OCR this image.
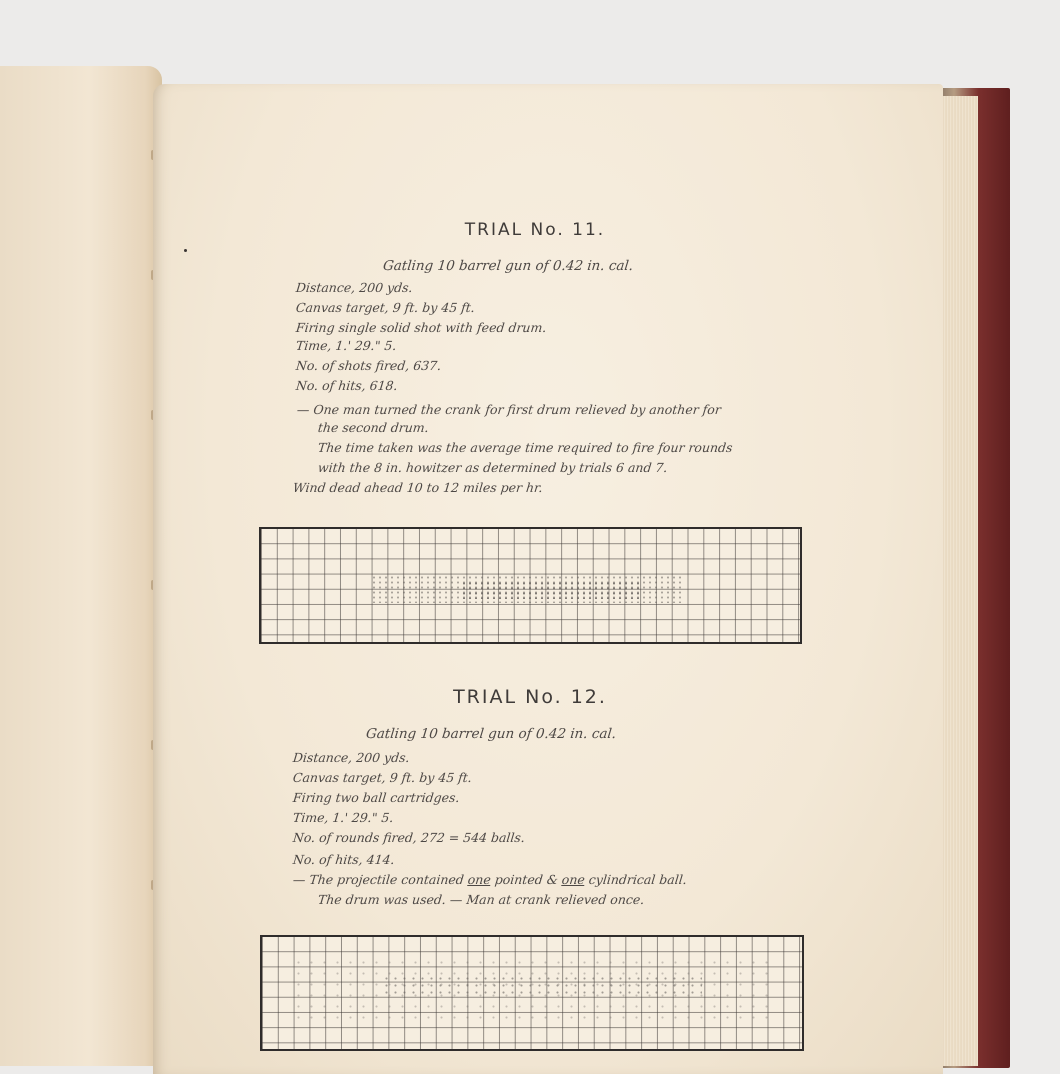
TRIAL No. 11.
Gatling 10 barrel gun of 0.42 in. cal.
Distance, 200 yds.
Canvas target, 9 ft. by 45 ft.
Firing single solid shot with feed drum.
Time, 1.' 29." 5.
No. of shots fired, 637.
No. of hits, 618.
— One man turned the crank for first drum relieved by another for
the second drum.
The time taken was the average time required to fire four rounds
with the 8 in. howitzer as determined by trials 6 and 7.
Wind dead ahead 10 to 12 miles per hr.
TRIAL No. 12.
Gatling 10 barrel gun of 0.42 in. cal.
Distance, 200 yds.
Canvas target, 9 ft. by 45 ft.
Firing two ball cartridges.
Time, 1.' 29." 5.
No. of rounds fired, 272 = 544 balls.
No. of hits, 414.
— The projectile contained one pointed & one cylindrical ball.
The drum was used. — Man at crank relieved once.
